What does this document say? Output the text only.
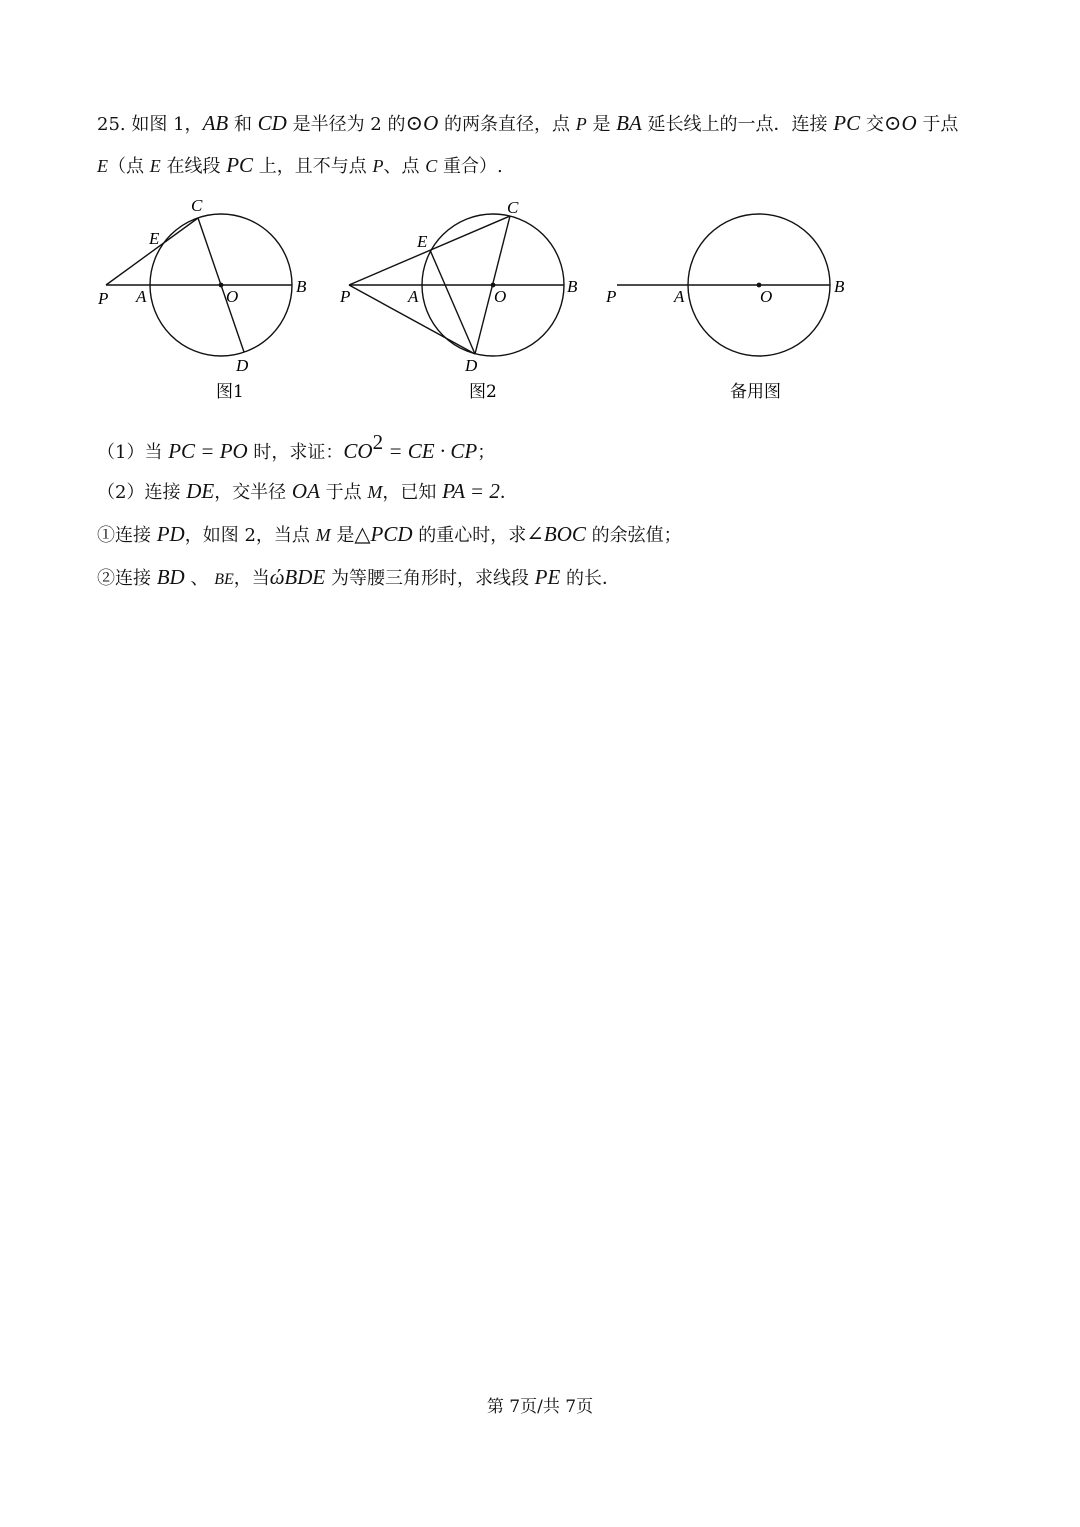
25. 如图 1，AB 和 CD 是半径为 2 的⊙O 的两条直径，点 P 是 BA 延长线上的一点．连接 PC 交⊙O 于点
E（点 E 在线段 PC 上，且不与点 P、点 C 重合）.
C
E
P A	O
B
D
图1
C
E
P	A	O
B
D
图2
P	A	O
B
备用图
（1）当 PC = PO 时，求证：$CO^2$ = CE · CP；
（2）连接 DE，交半径 OA 于点 M，已知 PA = 2．
①连接 PD，如图 2，当点 M 是△PCD 的重心时，求∠BOC 的余弦值；
②连接 BD 、 BE，当ώBDE 为等腰三角形时，求线段 PE 的长．
第 7页/共 7页
